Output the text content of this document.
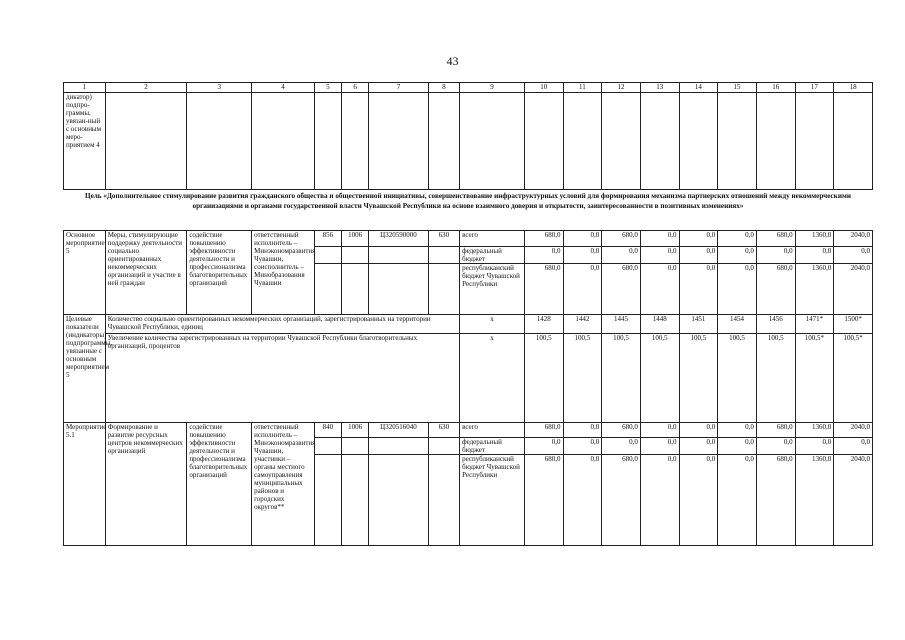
43
1	2	3	4	5	6	7	8	9	10	11	12	13	14	15	16	17	18
дикатор) подпро-граммы, увязан-ный с основным меро-приятием 4																	
Цель «Дополнительное стимулирование развития гражданского общества и общественной инициативы, совершенствование инфраструктурных условий для формирования механизма партнерских отношений между некоммерческими организациями и органами государственной власти Чувашской Республики на основе взаимного доверия и открытости, заинтересованности в позитивных изменениях»
Основное мероприятие 5	Меры, стимулирующие поддержку деятельности социально ориентированных некоммерческих организаций и участие в ней граждан	содействие повышению эффективности деятельности и профессионализма благотворительных организаций	ответственный исполнитель – Минэкономразвития Чувашии, соисполнитель – Минобразования Чувашии	856	1006	Ц320590000	630	всего	680,0	0,0	680,0	0,0	0,0	0,0	680,0	1360,0	2040,0
								федеральный бюджет	0,0	0,0	0,0	0,0	0,0	0,0	0,0	0,0	0,0
								республиканский бюджет Чувашской Республики	680,0	0,0	680,0	0,0	0,0	0,0	680,0	1360,0	2040,0
Целевые показатели (индикаторы) подпрограммы, увязанные с основным мероприятием 5	Количество социально ориентированных некоммерческих организаций, зарегистрированных на территории Чувашской Республики, единиц							x	1428	1442	1445	1448	1451	1454	1456	1471*	1500*
	Увеличение количества зарегистрированных на территории Чувашской Республики благотворительных организаций, процентов							x	100,5	100,5	100,5	100,5	100,5	100,5	100,5	100,5*	100,5*
Мероприятие 5.1	Формирование и развитие ресурсных центров некоммерческих организаций	содействие повышению эффективности деятельности и профессионализма благотворительных организаций	ответственный исполнитель – Минэкономразвития Чувашии, участники – органы местного самоуправления муниципальных районов и городских округов**	840	1006	Ц320516040	630	всего	680,0	0,0	680,0	0,0	0,0	0,0	680,0	1360,0	2040,0
								федеральный бюджет	0,0	0,0	0,0	0,0	0,0	0,0	0,0	0,0	0,0
								республиканский бюджет Чувашской Республики	680,0	0,0	680,0	0,0	0,0	0,0	680,0	1360,0	2040,0
